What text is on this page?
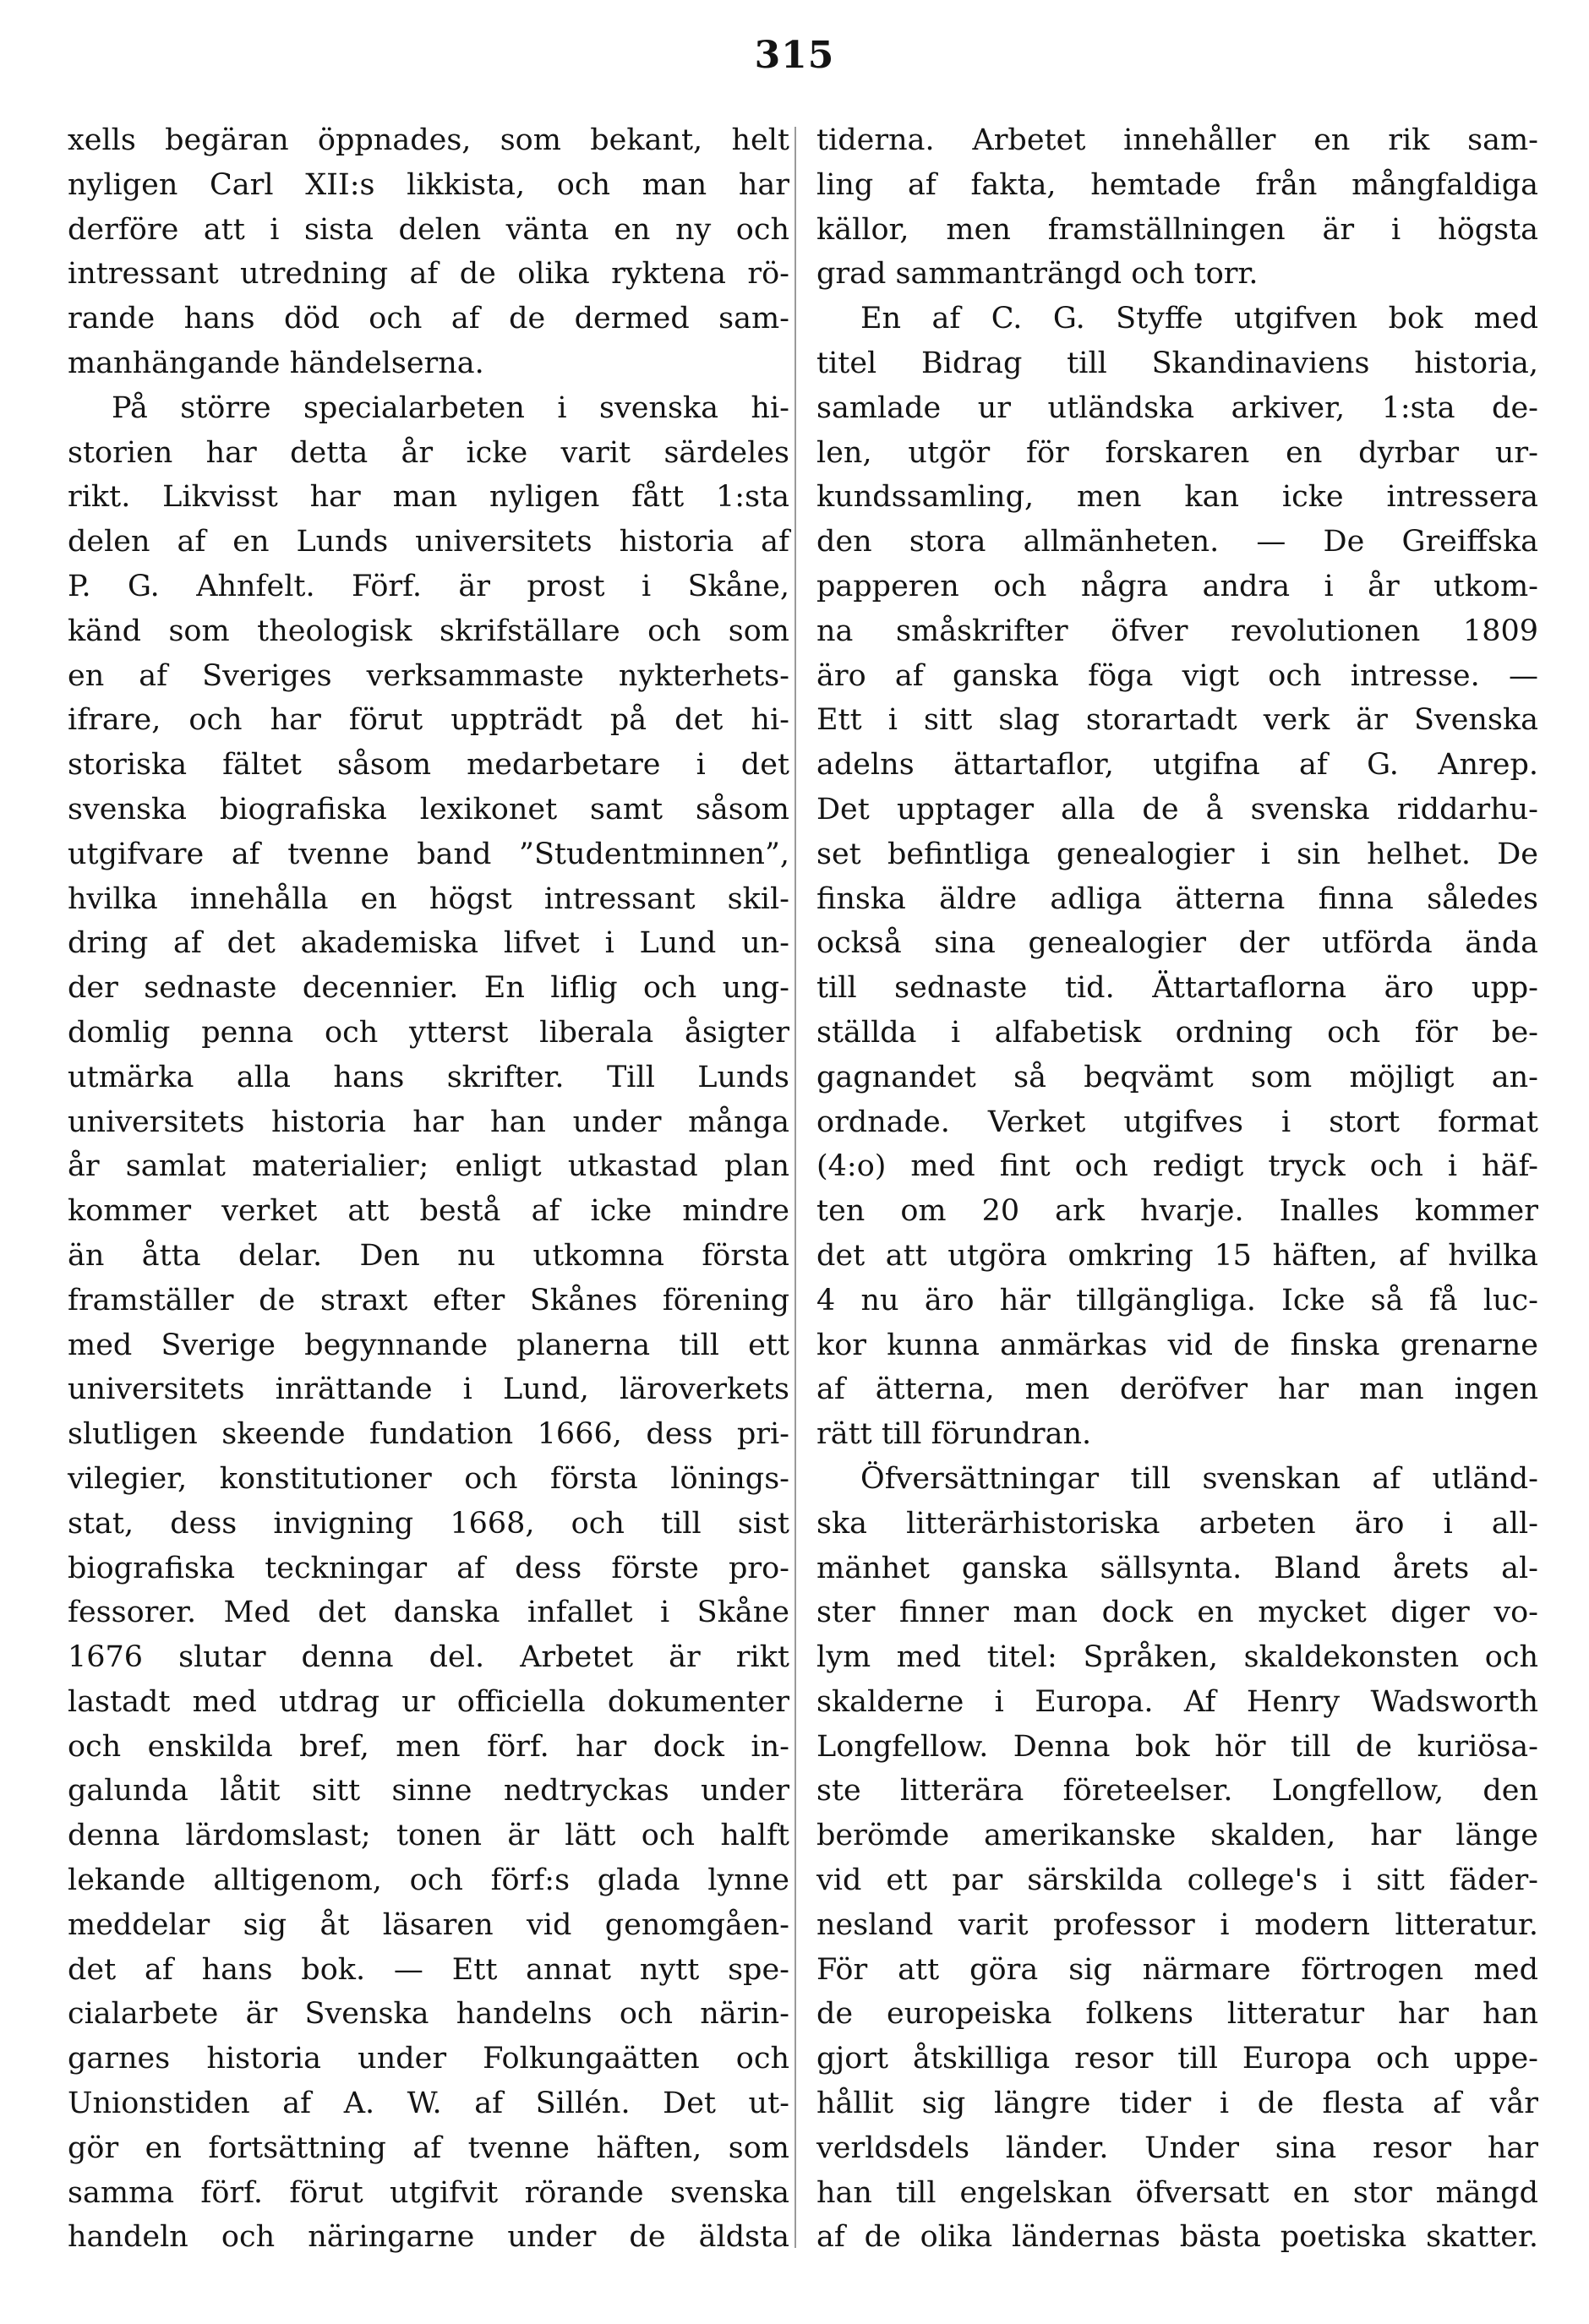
315
xells begäran öppnades, som bekant, helt
nyligen Carl XII:s likkista, och man har
derföre att i sista delen vänta en ny och
intressant utredning af de olika ryktena rö-
rande hans död och af de dermed sam-
manhängande händelserna.
På större specialarbeten i svenska hi-
storien har detta år icke varit särdeles
rikt. Likvisst har man nyligen fått 1:sta
delen af en Lunds universitets historia af
P. G. Ahnfelt. Förf. är prost i Skåne,
känd som theologisk skrifställare och som
en af Sveriges verksammaste nykterhets-
ifrare, och har förut uppträdt på det hi-
storiska fältet såsom medarbetare i det
svenska biografiska lexikonet samt såsom
utgifvare af tvenne band ”Studentminnen”,
hvilka innehålla en högst intressant skil-
dring af det akademiska lifvet i Lund un-
der sednaste decennier. En liflig och ung-
domlig penna och ytterst liberala åsigter
utmärka alla hans skrifter. Till Lunds
universitets historia har han under många
år samlat materialier; enligt utkastad plan
kommer verket att bestå af icke mindre
än åtta delar. Den nu utkomna första
framställer de straxt efter Skånes förening
med Sverige begynnande planerna till ett
universitets inrättande i Lund, läroverkets
slutligen skeende fundation 1666, dess pri-
vilegier, konstitutioner och första lönings-
stat, dess invigning 1668, och till sist
biografiska teckningar af dess förste pro-
fessorer. Med det danska infallet i Skåne
1676 slutar denna del. Arbetet är rikt
lastadt med utdrag ur officiella dokumenter
och enskilda bref, men förf. har dock in-
galunda låtit sitt sinne nedtryckas under
denna lärdomslast; tonen är lätt och halft
lekande alltigenom, och förf:s glada lynne
meddelar sig åt läsaren vid genomgåen-
det af hans bok. — Ett annat nytt spe-
cialarbete är Svenska handelns och närin-
garnes historia under Folkungaätten och
Unionstiden af A. W. af Sillén. Det ut-
gör en fortsättning af tvenne häften, som
samma förf. förut utgifvit rörande svenska
handeln och näringarne under de äldsta
tiderna. Arbetet innehåller en rik sam-
ling af fakta, hemtade från mångfaldiga
källor, men framställningen är i högsta
grad sammanträngd och torr.
En af C. G. Styffe utgifven bok med
titel Bidrag till Skandinaviens historia,
samlade ur utländska arkiver, 1:sta de-
len, utgör för forskaren en dyrbar ur-
kundssamling, men kan icke intressera
den stora allmänheten. — De Greiffska
papperen och några andra i år utkom-
na småskrifter öfver revolutionen 1809
äro af ganska föga vigt och intresse. —
Ett i sitt slag storartadt verk är Svenska
adelns ättartaflor, utgifna af G. Anrep.
Det upptager alla de å svenska riddarhu-
set befintliga genealogier i sin helhet. De
finska äldre adliga ätterna finna således
också sina genealogier der utförda ända
till sednaste tid. Ättartaflorna äro upp-
ställda i alfabetisk ordning och för be-
gagnandet så beqvämt som möjligt an-
ordnade. Verket utgifves i stort format
(4:o) med fint och redigt tryck och i häf-
ten om 20 ark hvarje. Inalles kommer
det att utgöra omkring 15 häften, af hvilka
4 nu äro här tillgängliga. Icke så få luc-
kor kunna anmärkas vid de finska grenarne
af ätterna, men deröfver har man ingen
rätt till förundran.
Öfversättningar till svenskan af utländ-
ska litterärhistoriska arbeten äro i all-
mänhet ganska sällsynta. Bland årets al-
ster finner man dock en mycket diger vo-
lym med titel: Språken, skaldekonsten och
skalderne i Europa. Af Henry Wadsworth
Longfellow. Denna bok hör till de kuriösa-
ste litterära företeelser. Longfellow, den
berömde amerikanske skalden, har länge
vid ett par särskilda college's i sitt fäder-
nesland varit professor i modern litteratur.
För att göra sig närmare förtrogen med
de europeiska folkens litteratur har han
gjort åtskilliga resor till Europa och uppe-
hållit sig längre tider i de flesta af vår
verldsdels länder. Under sina resor har
han till engelskan öfversatt en stor mängd
af de olika ländernas bästa poetiska skatter.
